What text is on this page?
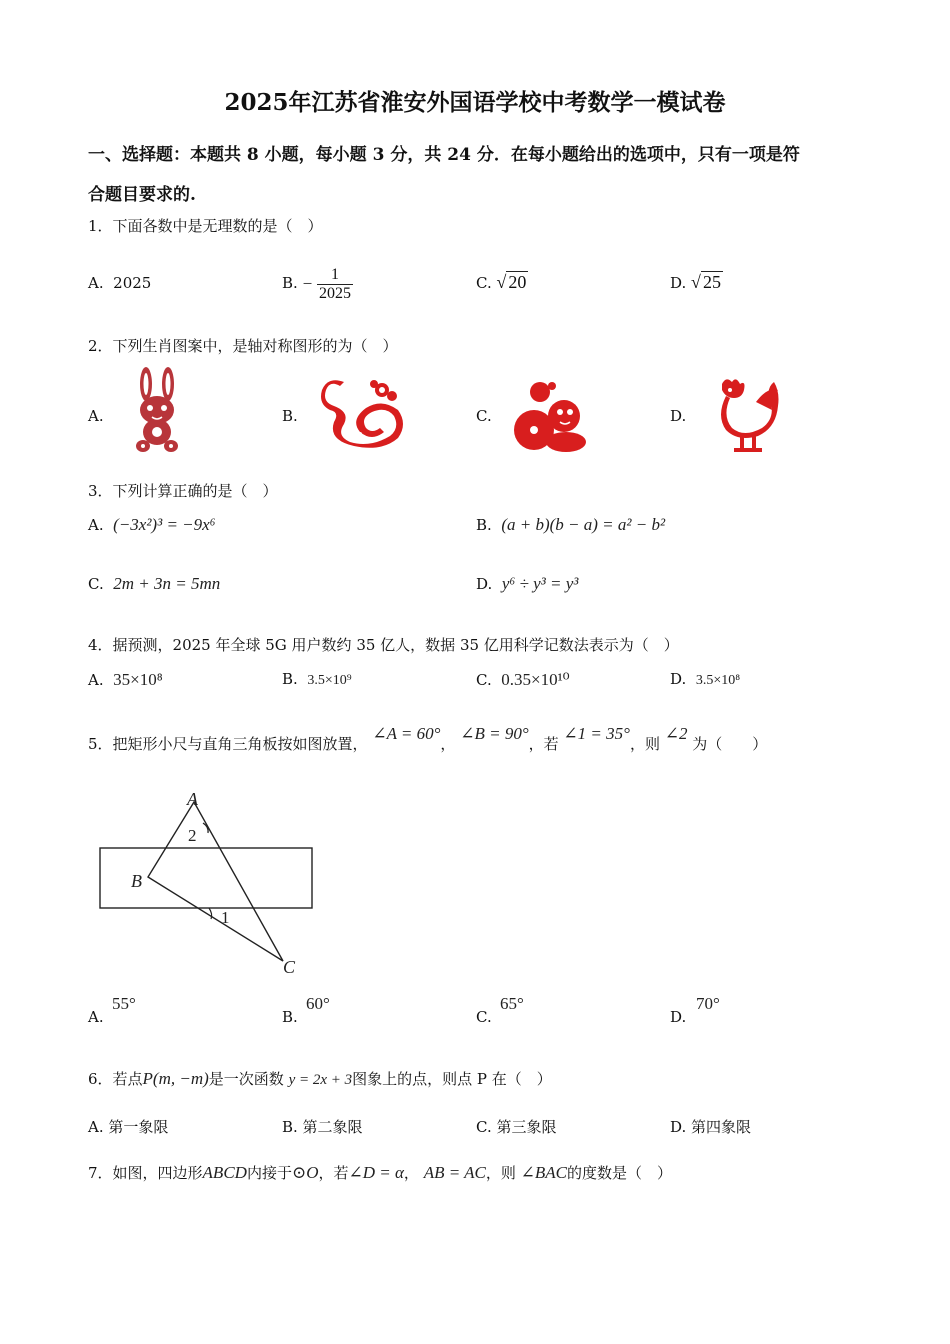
2025年江苏省淮安外国语学校中考数学一模试卷
一、选择题：本题共 8 小题，每小题 3 分，共 24 分．在每小题给出的选项中，只有一项是符
合题目要求的.
1．下面各数中是无理数的是（　）
A. 2025	B. − $\frac{1}{2025}$	C. √ 20	D. √ 25
2．下列生肖图案中，是轴对称图形的为（　）
A.	B.	C.	D.
3．下列计算正确的是（　）
A. (−3x²)³ = −9x⁶	B. (a + b)(b − a) = a² − b²
C. 2m + 3n = 5mn	D. y⁶ ÷ y³ = y³
4．据预测，2025 年全球 5G 用户数约 35 亿人，数据 35 亿用科学记数法表示为（　）
A. 35×10⁸	B. 3.5×10⁹	C. 0.35×10¹⁰	D. 3.5×10⁸
5．把矩形小尺与直角三角板按如图放置， ∠A = 60°， ∠B = 90°，若 ∠1 = 35°，则 ∠2 为（　　）
A
B
C
2
1
A.
55°
B.
60°
C.
65°
D.
70°
6．若点P(m, −m)是一次函数 y = 2x + 3图象上的点，则点 P 在（　）
A. 第一象限	B. 第二象限	C. 第三象限	D. 第四象限
7．如图，四边形ABCD内接于⊙O，若∠D = α， AB = AC，则 ∠BAC的度数是（　）
